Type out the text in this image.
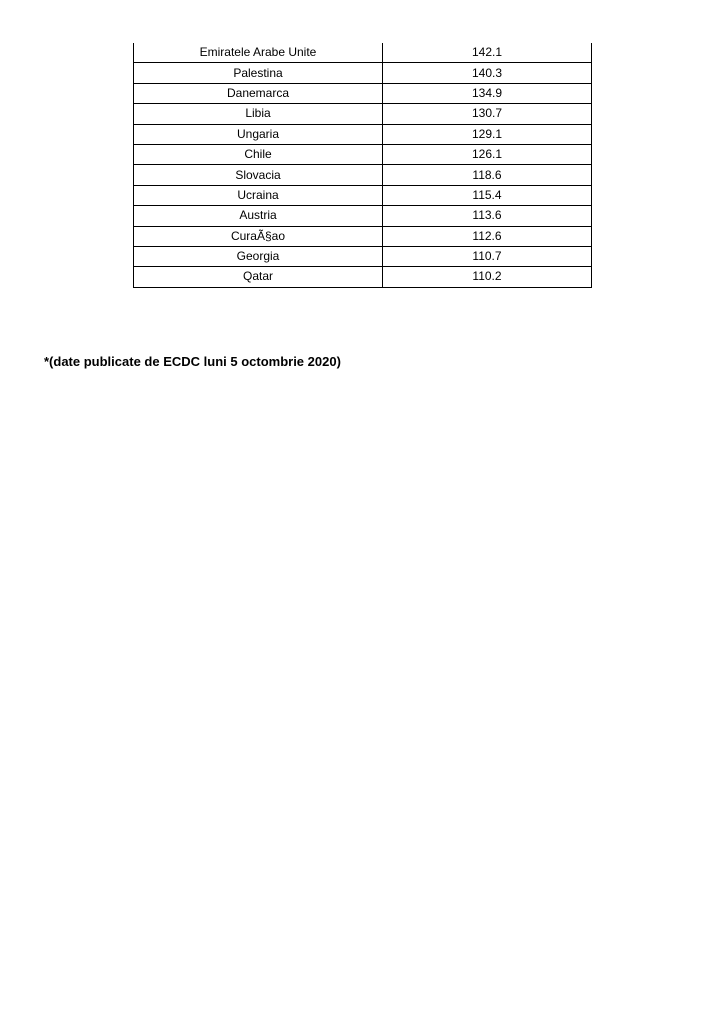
Emiratele Arabe Unite	142.1
Palestina	140.3
Danemarca	134.9
Libia	130.7
Ungaria	129.1
Chile	126.1
Slovacia	118.6
Ucraina	115.4
Austria	113.6
CuraÃ§ao	112.6
Georgia	110.7
Qatar	110.2
*(date publicate de ECDC luni 5 octombrie 2020)
